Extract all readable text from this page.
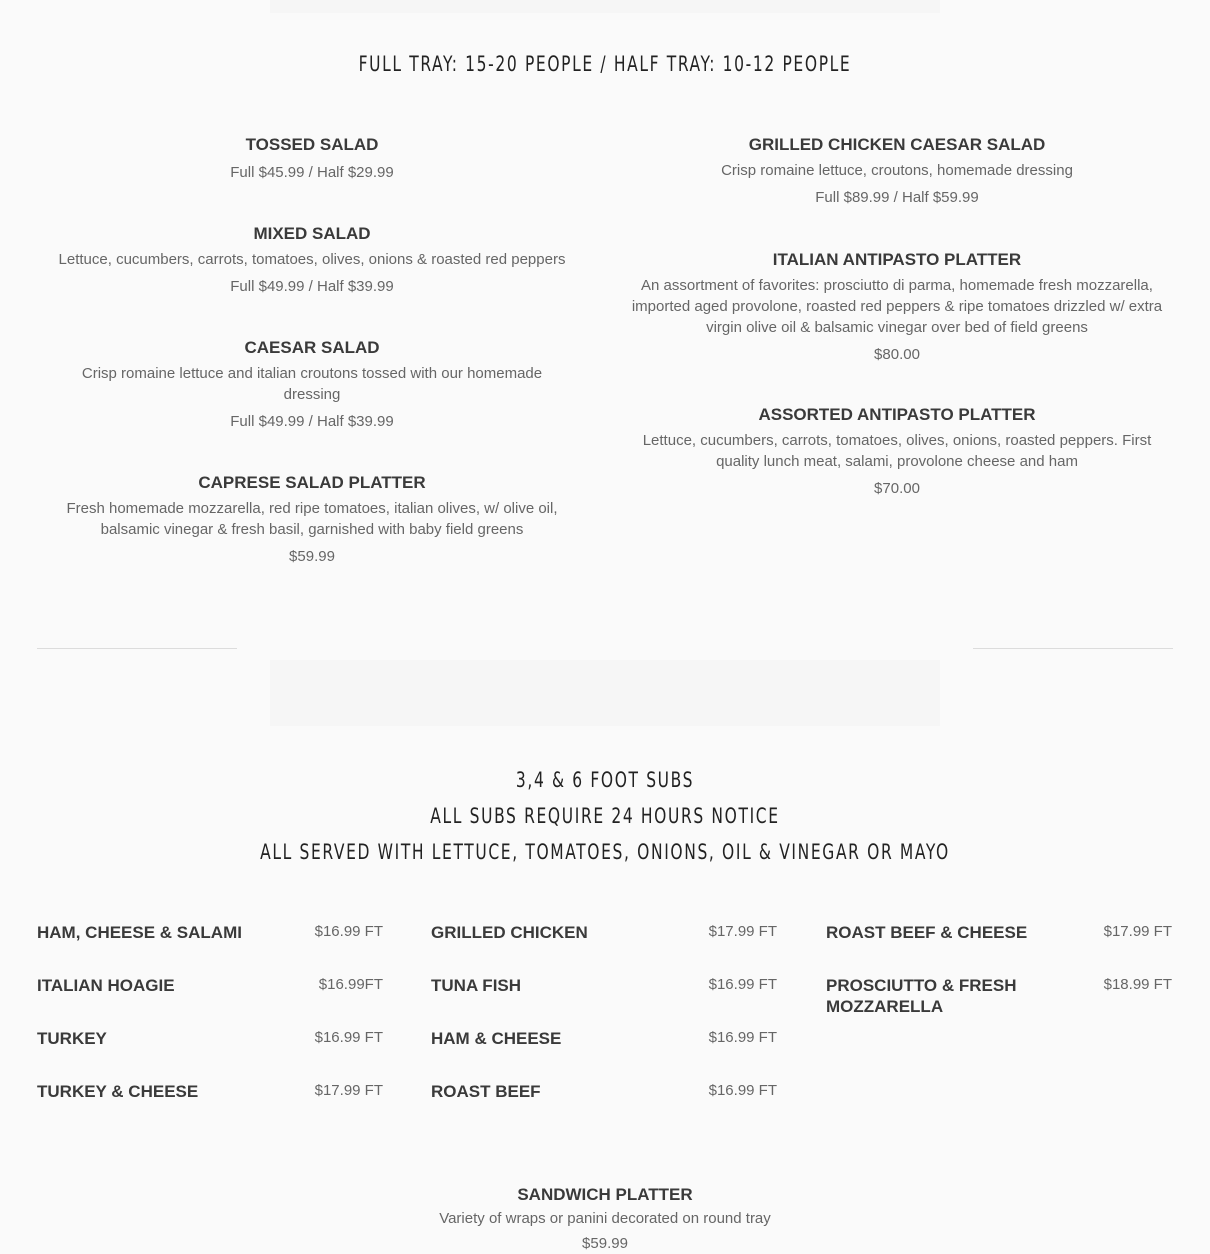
FULL TRAY: 15-20 PEOPLE / HALF TRAY: 10-12 PEOPLE
TOSSED SALAD
Full $45.99 / Half $29.99
MIXED SALAD
Lettuce, cucumbers, carrots, tomatoes, olives, onions & roasted red peppers
Full $49.99 / Half $39.99
CAESAR SALAD
Crisp romaine lettuce and italian croutons tossed with our homemade dressing
Full $49.99 / Half $39.99
CAPRESE SALAD PLATTER
Fresh homemade mozzarella, red ripe tomatoes, italian olives, w/ olive oil, balsamic vinegar & fresh basil, garnished with baby field greens
$59.99
GRILLED CHICKEN CAESAR SALAD
Crisp romaine lettuce, croutons, homemade dressing
Full $89.99 / Half $59.99
ITALIAN ANTIPASTO PLATTER
An assortment of favorites: prosciutto di parma, homemade fresh mozzarella, imported aged provolone, roasted red peppers & ripe tomatoes drizzled w/ extra virgin olive oil & balsamic vinegar over bed of field greens
$80.00
ASSORTED ANTIPASTO PLATTER
Lettuce, cucumbers, carrots, tomatoes, olives, onions, roasted peppers. First quality lunch meat, salami, provolone cheese and ham
$70.00
3,4 & 6 FOOT SUBS
ALL SUBS REQUIRE 24 HOURS NOTICE
ALL SERVED WITH LETTUCE, TOMATOES, ONIONS, OIL & VINEGAR OR MAYO
HAM, CHEESE & SALAMI	$16.99 FT
ITALIAN HOAGIE	$16.99FT
TURKEY	$16.99 FT
TURKEY & CHEESE	$17.99 FT
GRILLED CHICKEN	$17.99 FT
TUNA FISH	$16.99 FT
HAM & CHEESE	$16.99 FT
ROAST BEEF	$16.99 FT
ROAST BEEF & CHEESE	$17.99 FT
PROSCIUTTO & FRESH MOZZARELLA
$18.99 FT
SANDWICH PLATTER
Variety of wraps or panini decorated on round tray
$59.99
